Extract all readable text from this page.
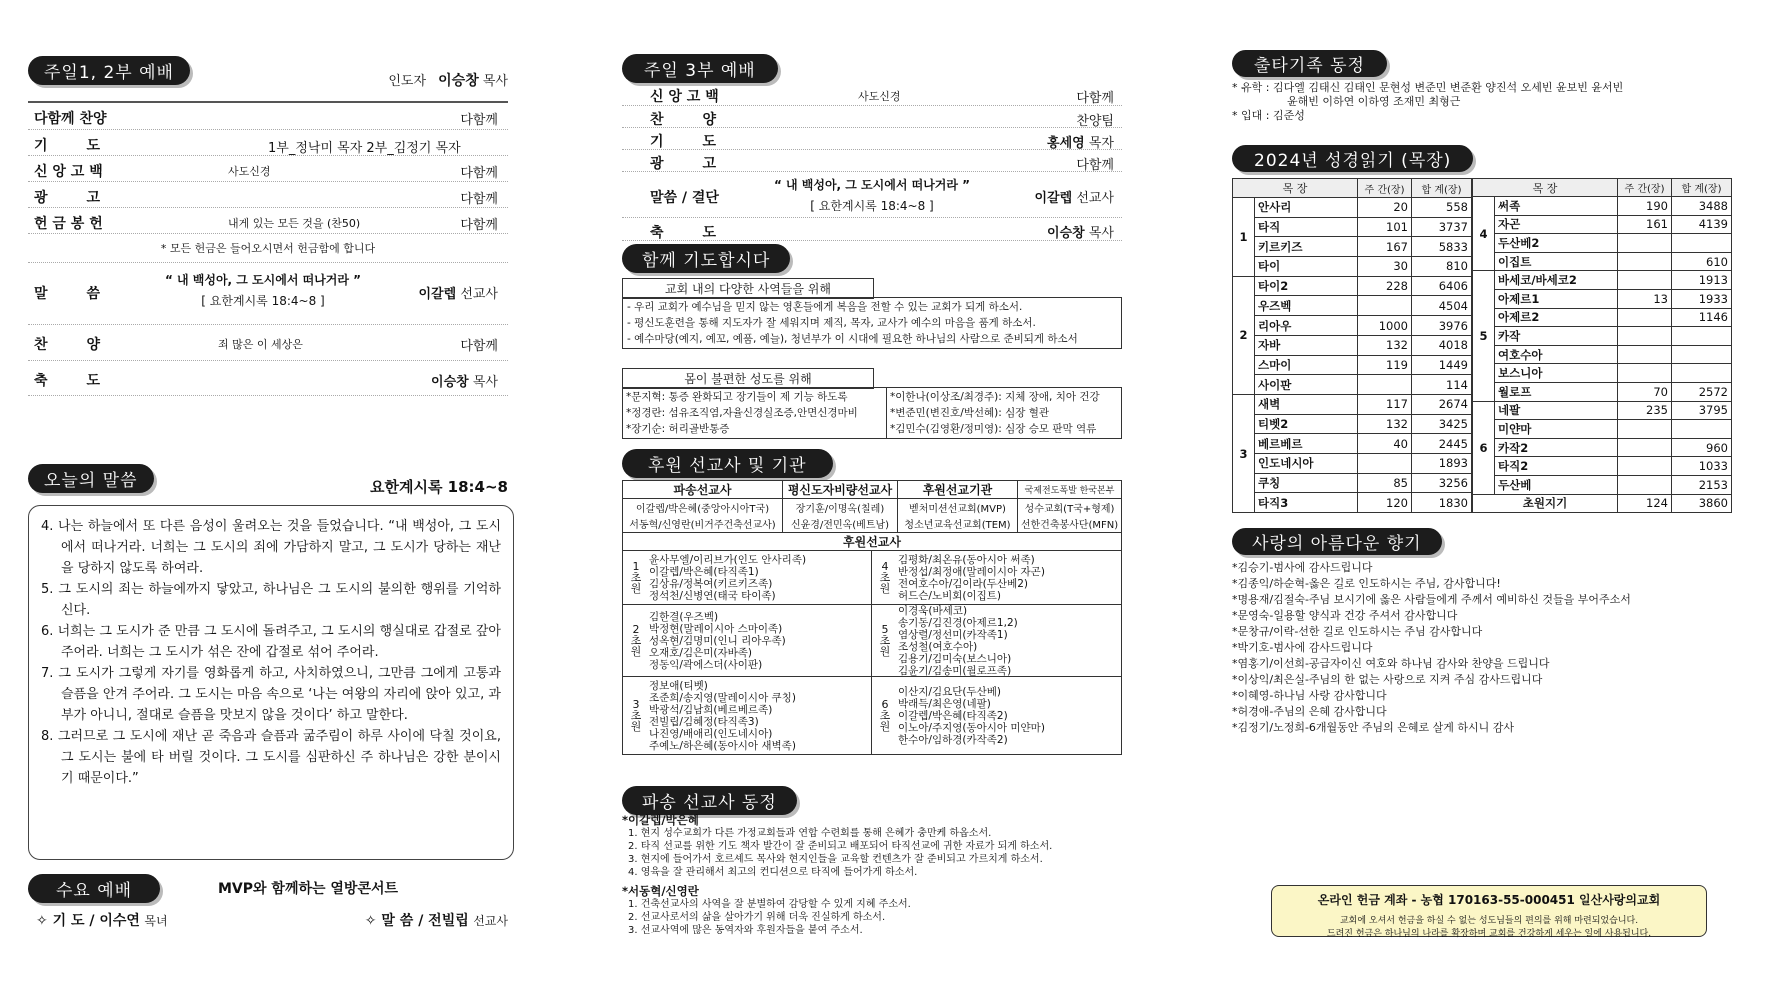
주일1, 2부 예배	인도자 이승창 목사
다함께 찬양	다함께
기        도	1부_정낙미 목자 2부_김정기 목자
신 앙 고 백	사도신경	다함께
광        고	다함께
헌 금 봉 헌	내게 있는 모든 것을 (찬50)	다함께
* 모든 헌금은 들어오시면서 헌금함에 합니다
말        씀
“ 내 백성아, 그 도시에서 떠나거라 ”
[ 요한계시록 18:4~8 ]	이갈렙 선교사
찬        양	죄 많은 이 세상은	다함께
축        도	이승창 목사
오늘의 말씀	요한계시록 18:4~8
4. 나는 하늘에서 또 다른 음성이 울려오는 것을 들었습니다. “내 백성아, 그 도시에서 떠나거라. 너희는 그 도시의 죄에 가담하지 말고, 그 도시가 당하는 재난을 당하지 않도록 하여라.
5. 그 도시의 죄는 하늘에까지 닿았고, 하나님은 그 도시의 불의한 행위를 기억하신다.
6. 너희는 그 도시가 준 만큼 그 도시에 돌려주고, 그 도시의 행실대로 갑절로 갚아 주어라. 너희는 그 도시가 섞은 잔에 갑절로 섞어 주어라.
7. 그 도시가 그렇게 자기를 영화롭게 하고, 사치하였으니, 그만큼 그에게 고통과 슬픔을 안겨 주어라. 그 도시는 마음 속으로 ‘나는 여왕의 자리에 앉아 있고, 과부가 아니니, 절대로 슬픔을 맛보지 않을 것이다’ 하고 말한다.
8. 그러므로 그 도시에 재난 곧 죽음과 슬픔과 굶주림이 하루 사이에 닥칠 것이요, 그 도시는 불에 타 버릴 것이다. 그 도시를 심판하신 주 하나님은 강한 분이시기 때문이다.”
수요 예배	MVP와 함께하는 열방콘서트
✧ 기 도 / 이수연 목녀	✧ 말 씀 / 전빌립 선교사
주일 3부 예배
신 앙 고 백	사도신경	다함께
찬        양	찬양팀
기        도	홍세영 목자
광        고	다함께
말씀 / 결단
“ 내 백성아, 그 도시에서 떠나거라 ”
[ 요한계시록 18:4~8 ]	이갈렙 선교사
축        도	이승창 목사
함께 기도합시다
교회 내의 다양한 사역들을 위해
- 우리 교회가 예수님을 믿지 않는 영혼들에게 복음을 전할 수 있는 교회가 되게 하소서.
- 평신도훈련을 통해 지도자가 잘 세워지며 제직, 목자, 교사가 예수의 마음을 품게 하소서.
- 예수마당(예지, 예꼬, 예품, 예늘), 청년부가 이 시대에 필요한 하나님의 사람으로 준비되게 하소서
몸이 불편한 성도를 위해
*문지혁: 통증 완화되고 장기들이 제 기능 하도록
*정경란: 섬유조직염,자율신경실조증,안면신경마비
*장기순: 허리골반통증
*이한나(이상조/최경주): 지체 장애, 치아 건강
*변준민(변진호/박선혜): 심장 혈관
*김민수(김영환/정미영): 심장 승모 판막 역류
후원 선교사 및 기관
파송선교사	평신도자비량선교사	후원선교기관	국제전도폭발 한국본부
이갈렙/박은혜(중앙아시아T국)	장기훈/이명옥(칠레)	벧처미션선교회(MVP)	성수교회(T국+형제)
서동혁/신영란(비거주건축선교사)	신윤경/전민옥(베트남)	청소년교육선교회(TEM)	선한건축봉사단(MFN)
후원선교사			
1
초
원
윤사무엘/이리브가(인도 안사리족)
이갈렙/박은혜(타직족1)
김상유/정복여(키르키즈족)
정석천/신병연(태국 타이족)
4
초
원
김평화/최온유(동아시아 써족)
반정섭/최정애(말레이시아 자곤)
전여호수아/김이라(두산베2)
허드슨/노비회(이집트)
2
초
원
김한결(우즈벡)
박정현(말레이시아 스마이족)
성옥현/김명미(인니 리아우족)
오재호/김은미(자바족)
정동익/곽에스더(사이판)
5
초
원
이경욱(바세코)
송기동/김진경(아제르1,2)
염상렬/정선미(카작족1)
조성철(여호수아)
김용기/김미숙(보스니아)
김윤기/김송미(월로프족)
3
초
원
정보애(티벳)
조준희/송지영(말레이시아 쿠칭)
박광석/김남희(베르베르족)
전빌립/김혜정(타직족3)
나진영/배애리(인도네시아)
주예노/하은혜(동아시아 새벽족)
6
초
원
이산지/김요단(두산베)
박래득/최은영(네팔)
이갈렙/박은혜(타직족2)
이노아/주지영(동아시아 미얀마)
한수아/임하경(카작족2)
파송 선교사 동정
*이갈렙/박은혜
1. 현지 성수교회가 다른 가정교회들과 연합 수련회를 통해 은혜가 충만케 하옵소서.
2. 타직 선교를 위한 기도 책자 발간이 잘 준비되고 배포되어 타직선교에 귀한 자료가 되게 하소서.
3. 현지에 들어가서 호르셰드 목사와 현지인들을 교육할 컨텐츠가 잘 준비되고 가르치게 하소서.
4. 영육을 잘 관리해서 최고의 컨디션으로 타직에 들어가게 하소서.
*서동혁/신영란
1. 건축선교사의 사역을 잘 분별하여 감당할 수 있게 지혜 주소서.
2. 선교사로서의 삶을 살아가기 위해 더욱 진실하게 하소서.
3. 선교사역에 많은 동역자와 후원자들을 붙여 주소서.
출타기족 동정
* 유학 : 김다엘 김태신 김태인 문현성 변준민 변준환 양진석 오세빈 윤보빈 윤서빈
윤해빈 이하연 이하영 조재민 최형근
* 입대 : 김준성
2024년 성경읽기 (목장)
목 장		주 간(장)	합 계(장)
1	안사리	20	558
	타직	101	3737
	키르키즈	167	5833
	타이	30	810
2	타이2	228	6406
	우즈벡		4504
	리아우	1000	3976
	자바	132	4018
	스마이	119	1449
	사이판		114
3	새벽	117	2674
	티벳2	132	3425
	베르베르	40	2445
	인도네시아		1893
	쿠칭	85	3256
	타직3	120	1830
목 장		주 간(장)	합 계(장)
4	써족	190	3488
	자곤	161	4139
	두산베2		
	이집트		610
5	바세코/바세코2		1913
	아제르1	13	1933
	아제르2		1146
	카작		
	여호수아		
	보스니아		
	월로프	70	2572
6	네팔	235	3795
	미얀마		
	카작2		960
	타직2		1033
	두산베		2153
초원지기		124	3860
사랑의 아름다운 향기
*김승기-범사에 감사드립니다
*김종익/하순혁-옳은 길로 인도하시는 주님, 감사합니다!
*명용재/김절숙-주님 보시기에 옳은 사람들에게 주께서 예비하신 것들을 부어주소서
*문영숙-일용할 양식과 건강 주셔서 감사합니다
*문창규/이락-선한 길로 인도하시는 주님 감사합니다
*박기호-범사에 감사드립니다
*염홍기/이선희-공급자이신 여호와 하나님 감사와 찬양을 드립니다
*이상익/최은실-주님의 한 없는 사랑으로 지켜 주심 감사드립니다
*이혜영-하나님 사랑 감사합니다
*허경애-주님의 은혜 감사합니다
*김정기/노정희-6개월동안 주님의 은혜로 살게 하시니 감사
온라인 헌금 계좌 - 농협 170163-55-000451 일산사랑의교회
교회에 오셔서 헌금을 하실 수 없는 성도님들의 편의를 위해 마련되었습니다.
드려진 헌금은 하나님의 나라를 확장하며 교회를 건강하게 세우는 일에 사용됩니다.
